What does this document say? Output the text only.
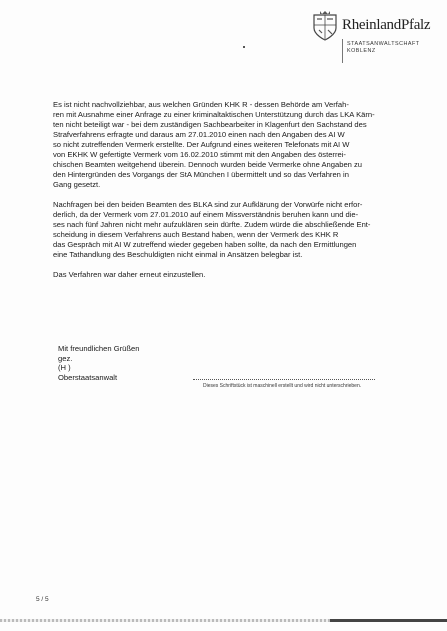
RheinlandPfalz
STAATSANWALTSCHAFT
KOBLENZ
Es ist nicht nachvollziehbar, aus welchen Gründen KHK R - dessen Behörde am Verfah-
ren mit Ausnahme einer Anfrage zu einer kriminaltaktischen Unterstützung durch das LKA Kärn-
ten nicht beteiligt war - bei dem zuständigen Sachbearbeiter in Klagenfurt den Sachstand des
Strafverfahrens erfragte und daraus am 27.01.2010 einen nach den Angaben des AI W
so nicht zutreffenden Vermerk erstellte. Der Aufgrund eines weiteren Telefonats mit AI W
von EKHK W gefertigte Vermerk vom 16.02.2010 stimmt mit den Angaben des österrei-
chischen Beamten weitgehend überein. Dennoch wurden beide Vermerke ohne Angaben zu
den Hintergründen des Vorgangs der StA München I übermittelt und so das Verfahren in
Gang gesetzt.
Nachfragen bei den beiden Beamten des BLKA sind zur Aufklärung der Vorwürfe nicht erfor-
derlich, da der Vermerk vom 27.01.2010 auf einem Missverständnis beruhen kann und die-
ses nach fünf Jahren nicht mehr aufzuklären sein dürfte. Zudem würde die abschließende Ent-
scheidung in diesem Verfahrens auch Bestand haben, wenn der Vermerk des KHK R
das Gespräch mit AI W zutreffend wieder gegeben haben sollte, da nach den Ermittlungen
eine Tathandlung des Beschuldigten nicht einmal in Ansätzen belegbar ist.
Das Verfahren war daher erneut einzustellen.
Mit freundlichen Grüßen
gez.
(H )
Oberstaatsanwalt
Dieses Schriftstück ist maschinell erstellt und wird nicht unterschrieben.
5 / 5
